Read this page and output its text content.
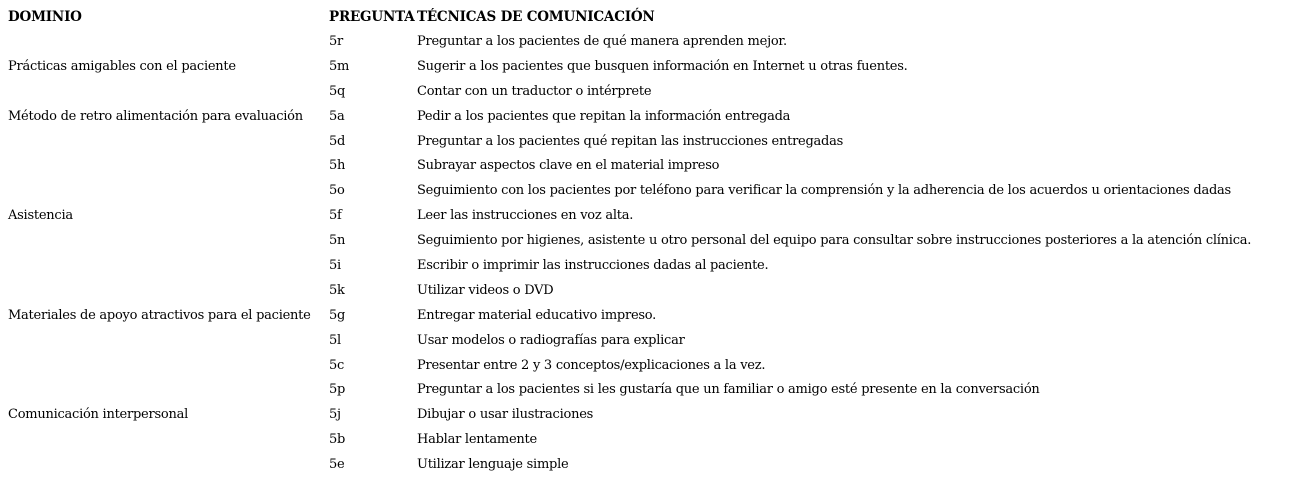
DOMINIO	PREGUNTA TÉCNICAS DE COMUNICACIÓN
5r	Preguntar a los pacientes de qué manera aprenden mejor.
Prácticas amigables con el paciente	5m	Sugerir a los pacientes que busquen información en Internet u otras fuentes.
5q	Contar con un traductor o intérprete
Método de retro alimentación para evaluación 5a	Pedir a los pacientes que repitan la información entregada
5d	Preguntar a los pacientes qué repitan las instrucciones entregadas
5h	Subrayar aspectos clave en el material impreso
5o	Seguimiento con los pacientes por teléfono para verificar la comprensión y la adherencia de los acuerdos u orientaciones dadas
Asistencia	5f	Leer las instrucciones en voz alta.
5n	Seguimiento por higienes, asistente u otro personal del equipo para consultar sobre instrucciones posteriores a la atención clínica.
5i	Escribir o imprimir las instrucciones dadas al paciente.
5k	Utilizar videos o DVD
Materiales de apoyo atractivos para el paciente 5g	Entregar material educativo impreso.
5l	Usar modelos o radiografías para explicar
5c	Presentar entre 2 y 3 conceptos/explicaciones a la vez.
5p	Preguntar a los pacientes si les gustaría que un familiar o amigo esté presente en la conversación
Comunicación interpersonal	5j	Dibujar o usar ilustraciones
5b	Hablar lentamente
5e	Utilizar lenguaje simple
